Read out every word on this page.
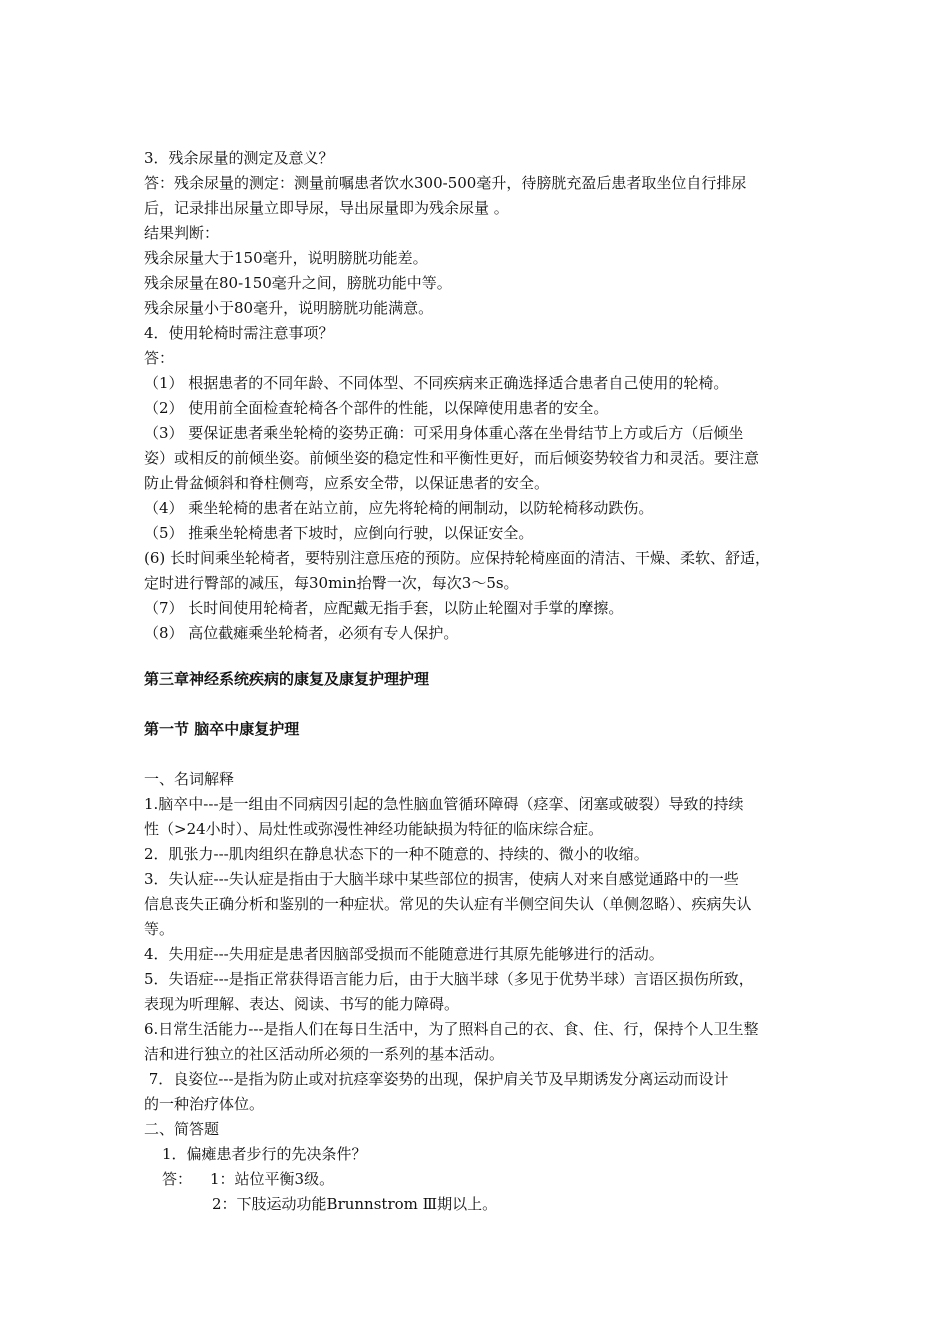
3．残余尿量的测定及意义？

答：残余尿量的测定：测量前嘱患者饮水300-500毫升，待膀胱充盈后患者取坐位自行排尿

后，记录排出尿量立即导尿，导出尿量即为残余尿量 。

结果判断：

残余尿量大于150毫升，说明膀胱功能差。

残余尿量在80-150毫升之间，膀胱功能中等。

残余尿量小于80毫升，说明膀胱功能满意。

4．使用轮椅时需注意事项？

答：

（1） 根据患者的不同年龄、不同体型、不同疾病来正确选择适合患者自己使用的轮椅。

（2） 使用前全面检查轮椅各个部件的性能，以保障使用患者的安全。

（3） 要保证患者乘坐轮椅的姿势正确：可采用身体重心落在坐骨结节上方或后方（后倾坐

姿）或相反的前倾坐姿。前倾坐姿的稳定性和平衡性更好，而后倾姿势较省力和灵活。要注意

防止骨盆倾斜和脊柱侧弯，应系安全带，以保证患者的安全。

（4） 乘坐轮椅的患者在站立前，应先将轮椅的闸制动，以防轮椅移动跌伤。

（5） 推乘坐轮椅患者下坡时，应倒向行驶，以保证安全。

(6) 长时间乘坐轮椅者，要特别注意压疮的预防。应保持轮椅座面的清洁、干燥、柔软、舒适，

定时进行臀部的减压，每30min抬臀一次，每次3～5s。

（7） 长时间使用轮椅者，应配戴无指手套，以防止轮圈对手掌的摩擦。

（8） 高位截瘫乘坐轮椅者，必须有专人保护。

第三章神经系统疾病的康复及康复护理护理

第一节 脑卒中康复护理

一、名词解释

1.脑卒中---是一组由不同病因引起的急性脑血管循环障碍（痉挛、闭塞或破裂）导致的持续

性（>24小时）、局灶性或弥漫性神经功能缺损为特征的临床综合症。

2．肌张力---肌肉组织在静息状态下的一种不随意的、持续的、微小的收缩。

3．失认症---失认症是指由于大脑半球中某些部位的损害，使病人对来自感觉通路中的一些

信息丧失正确分析和鉴别的一种症状。常见的失认症有半侧空间失认（单侧忽略）、疾病失认

等。

4．失用症---失用症是患者因脑部受损而不能随意进行其原先能够进行的活动。

5．失语症---是指正常获得语言能力后，由于大脑半球（多见于优势半球）言语区损伤所致，

表现为听理解、表达、阅读、书写的能力障碍。

6.日常生活能力---是指人们在每日生活中，为了照料自己的衣、食、住、行，保持个人卫生整

洁和进行独立的社区活动所必须的一系列的基本活动。

7．良姿位---是指为防止或对抗痉挛姿势的出现，保护肩关节及早期诱发分离运动而设计

的一种治疗体位。

二、简答题

1．偏瘫患者步行的先决条件？

答：	1：站位平衡3级。

2：下肢运动功能Brunnstrom Ⅲ期以上。
